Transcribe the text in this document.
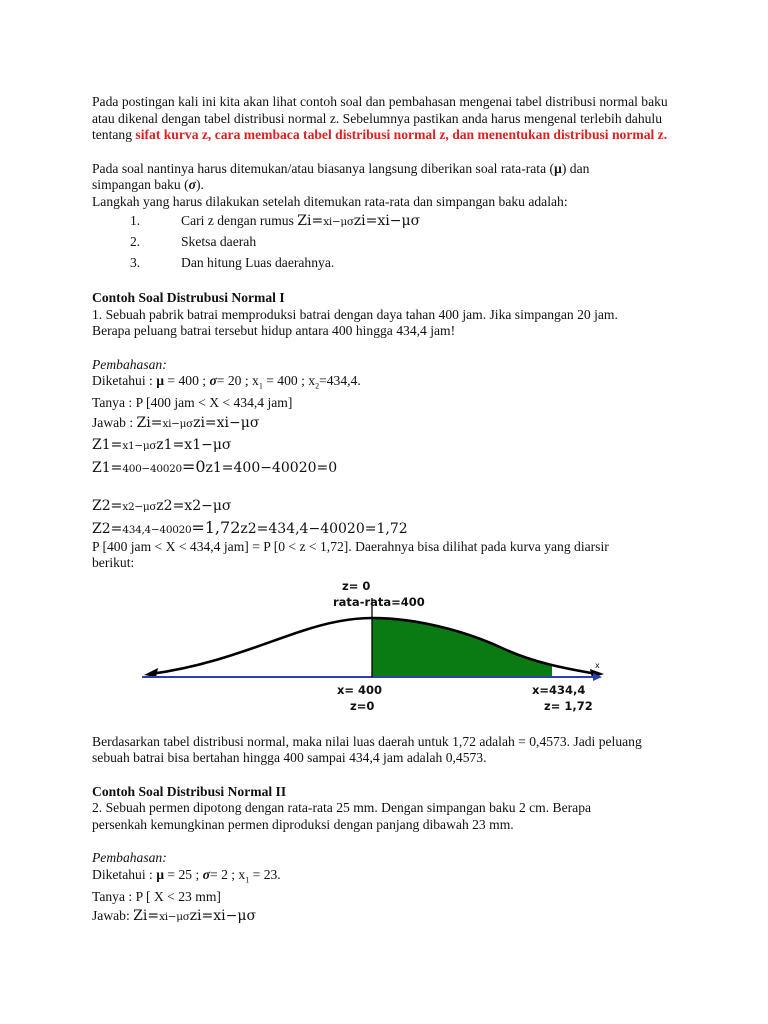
Pada postingan kali ini kita akan lihat contoh soal dan pembahasan mengenai tabel distribusi normal baku atau dikenal dengan tabel distribusi normal z. Sebelumnya pastikan anda harus mengenal terlebih dahulu tentang sifat kurva z, cara membaca tabel distribusi normal z, dan menentukan distribusi normal z.

Pada soal nantinya harus ditemukan/atau biasanya langsung diberikan soal rata-rata (µ) dan
simpangan baku (σ).

Langkah yang harus dilakukan setelah ditemukan rata-rata dan simpangan baku adalah:

1.	Cari z dengan rumus Zi=xi−μσzi=xi−μσ
2.	Sketsa daerah
3.	Dan hitung Luas daerahnya.

Contoh Soal Distrubusi Normal I

1. Sebuah pabrik batrai memproduksi batrai dengan daya tahan 400 jam. Jika simpangan 20 jam.

Berapa peluang batrai tersebut hidup antara 400 hingga 434,4 jam!

Pembahasan:

Diketahui : µ = 400 ; σ= 20 ; $x_1 = 400$ ; $x_2=434,4$.

Tanya : P [400 jam < X < 434,4 jam]

Jawab : Zi=xi−μσzi=xi−μσ

Z1=x1−μσz1=x1−μσ

Z1=400−40020=0z1=400−40020=0

Z2=x2−μσz2=x2−μσ

Z2=434,4−40020=1,72z2=434,4−40020=1,72

P [400 jam < X < 434,4 jam] = P [0 < z < 1,72]. Daerahnya bisa dilihat pada kurva yang diarsir

berikut:

z= 0
rata-rata=400
x
x= 400
z=0
x=434,4
z= 1,72

Berdasarkan tabel distribusi normal, maka nilai luas daerah untuk 1,72 adalah = 0,4573. Jadi peluang

sebuah batrai bisa bertahan hingga 400 sampai 434,4 jam adalah 0,4573.

Contoh Soal Distribusi Normal II

2. Sebuah permen dipotong dengan rata-rata 25 mm. Dengan simpangan baku 2 cm. Berapa

persenkah kemungkinan permen diproduksi dengan panjang dibawah 23 mm.

Pembahasan:

Diketahui : µ = 25 ; σ= 2 ; $x_1 = 23$.

Tanya : P [ X < 23 mm]

Jawab: Zi=xi−μσzi=xi−μσ
